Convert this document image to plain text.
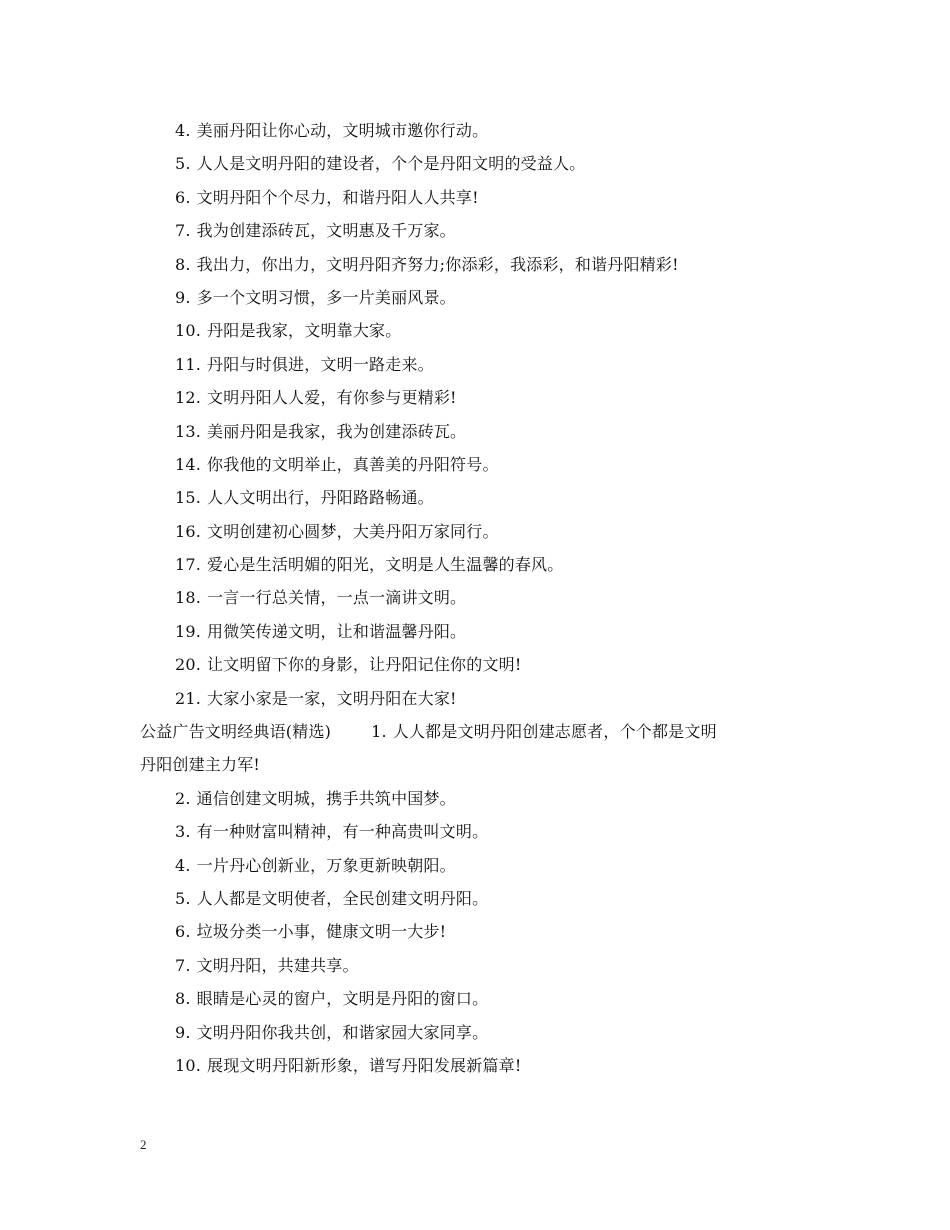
4. 美丽丹阳让你心动，文明城市邀你行动。
5. 人人是文明丹阳的建设者，个个是丹阳文明的受益人。
6. 文明丹阳个个尽力，和谐丹阳人人共享!
7. 我为创建添砖瓦，文明惠及千万家。
8. 我出力，你出力，文明丹阳齐努力;你添彩，我添彩，和谐丹阳精彩!
9. 多一个文明习惯，多一片美丽风景。
10. 丹阳是我家，文明靠大家。
11. 丹阳与时俱进，文明一路走来。
12. 文明丹阳人人爱，有你参与更精彩!
13. 美丽丹阳是我家，我为创建添砖瓦。
14. 你我他的文明举止，真善美的丹阳符号。
15. 人人文明出行，丹阳路路畅通。
16. 文明创建初心圆梦，大美丹阳万家同行。
17. 爱心是生活明媚的阳光，文明是人生温馨的春风。
18. 一言一行总关情，一点一滴讲文明。
19. 用微笑传递文明，让和谐温馨丹阳。
20. 让文明留下你的身影，让丹阳记住你的文明!
21. 大家小家是一家，文明丹阳在大家!
公益广告文明经典语(精选)	1. 人人都是文明丹阳创建志愿者，个个都是文明
丹阳创建主力军!
2. 通信创建文明城，携手共筑中国梦。
3. 有一种财富叫精神，有一种高贵叫文明。
4. 一片丹心创新业，万象更新映朝阳。
5. 人人都是文明使者，全民创建文明丹阳。
6. 垃圾分类一小事，健康文明一大步!
7. 文明丹阳，共建共享。
8. 眼睛是心灵的窗户，文明是丹阳的窗口。
9. 文明丹阳你我共创，和谐家园大家同享。
10. 展现文明丹阳新形象，谱写丹阳发展新篇章!
2
